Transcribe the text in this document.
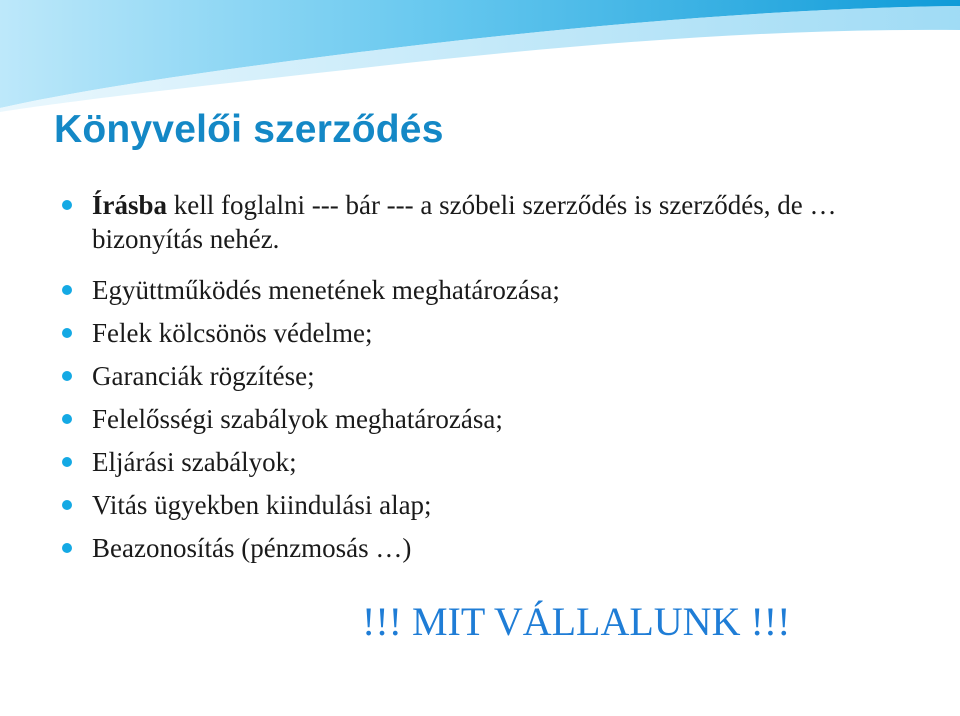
Könyvelői szerződés
Írásba kell foglalni --- bár --- a szóbeli szerződés is szerződés, de … bizonyítás nehéz.
Együttműködés menetének meghatározása;
Felek kölcsönös védelme;
Garanciák rögzítése;
Felelősségi szabályok meghatározása;
Eljárási szabályok;
Vitás ügyekben kiindulási alap;
Beazonosítás (pénzmosás …)

!!! MIT VÁLLALUNK !!!
